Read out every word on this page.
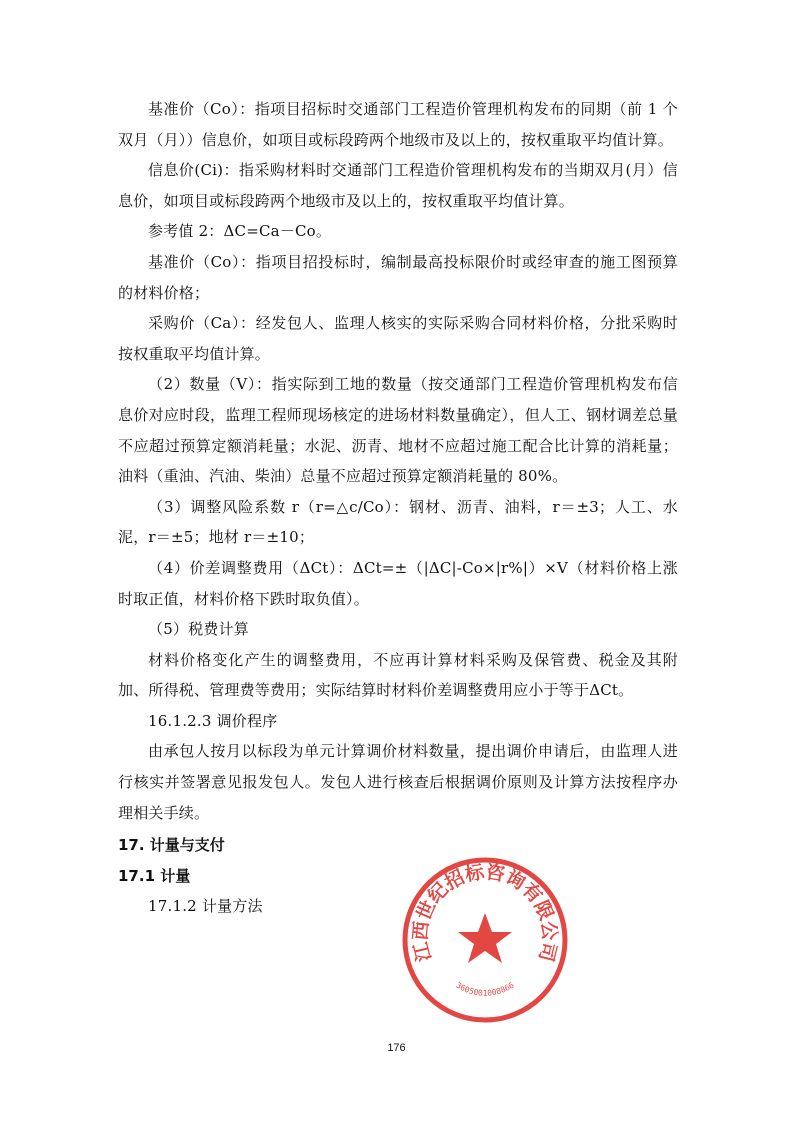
基准价（Co）：指项目招标时交通部门工程造价管理机构发布的同期（前 1 个双月（月））信息价，如项目或标段跨两个地级市及以上的，按权重取平均值计算。

信息价(Ci)：指采购材料时交通部门工程造价管理机构发布的当期双月(月）信息价，如项目或标段跨两个地级市及以上的，按权重取平均值计算。

参考值 2：ΔC=Ca－Co。

基准价（Co）：指项目招投标时，编制最高投标限价时或经审查的施工图预算的材料价格；

采购价（Ca）：经发包人、监理人核实的实际采购合同材料价格，分批采购时按权重取平均值计算。

（2）数量（V）：指实际到工地的数量（按交通部门工程造价管理机构发布信息价对应时段，监理工程师现场核定的进场材料数量确定），但人工、钢材调差总量不应超过预算定额消耗量；水泥、沥青、地材不应超过施工配合比计算的消耗量；油料（重油、汽油、柴油）总量不应超过预算定额消耗量的 80%。

（3）调整风险系数 r（r=△c/Co）：钢材、沥青、油料，r＝±3；人工、水泥，r＝±5；地材 r＝±10；

（4）价差调整费用（ΔCt）：ΔCt=±（|ΔC|-Co×|r%|）×V（材料价格上涨时取正值，材料价格下跌时取负值）。

（5）税费计算

材料价格变化产生的调整费用，不应再计算材料采购及保管费、税金及其附加、所得税、管理费等费用；实际结算时材料价差调整费用应小于等于ΔCt。

16.1.2.3 调价程序

由承包人按月以标段为单元计算调价材料数量，提出调价申请后，由监理人进行核实并签署意见报发包人。发包人进行核查后根据调价原则及计算方法按程序办理相关手续。

17. 计量与支付

17.1 计量

17.1.2 计量方法

江西世纪招标咨询有限公司
3605001008866
176
